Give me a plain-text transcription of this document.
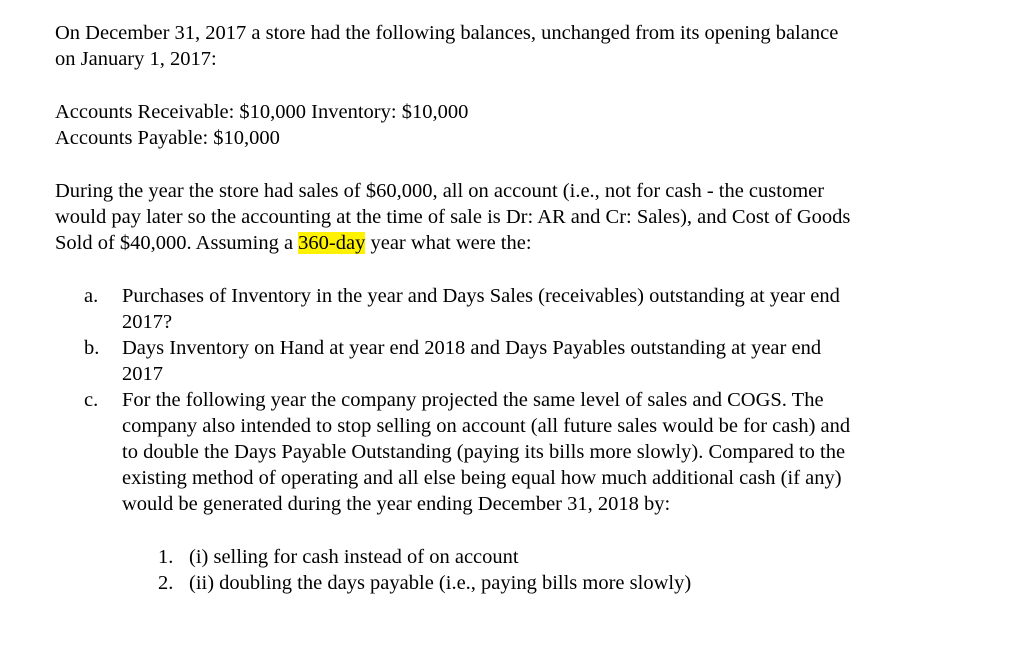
On December 31, 2017 a store had the following balances, unchanged from its opening balance
on January 1, 2017:

Accounts Receivable: $10,000 Inventory: $10,000
Accounts Payable: $10,000

During the year the store had sales of $60,000, all on account (i.e., not for cash - the customer
would pay later so the accounting at the time of sale is Dr: AR and Cr: Sales), and Cost of Goods
Sold of $40,000. Assuming a 360-day year what were the:

a. Purchases of Inventory in the year and Days Sales (receivables) outstanding at year end
2017?
b. Days Inventory on Hand at year end 2018 and Days Payables outstanding at year end
2017
c. For the following year the company projected the same level of sales and COGS. The
company also intended to stop selling on account (all future sales would be for cash) and
to double the Days Payable Outstanding (paying its bills more slowly). Compared to the
existing method of operating and all else being equal how much additional cash (if any)
would be generated during the year ending December 31, 2018 by:
1. (i) selling for cash instead of on account
2. (ii) doubling the days payable (i.e., paying bills more slowly)
